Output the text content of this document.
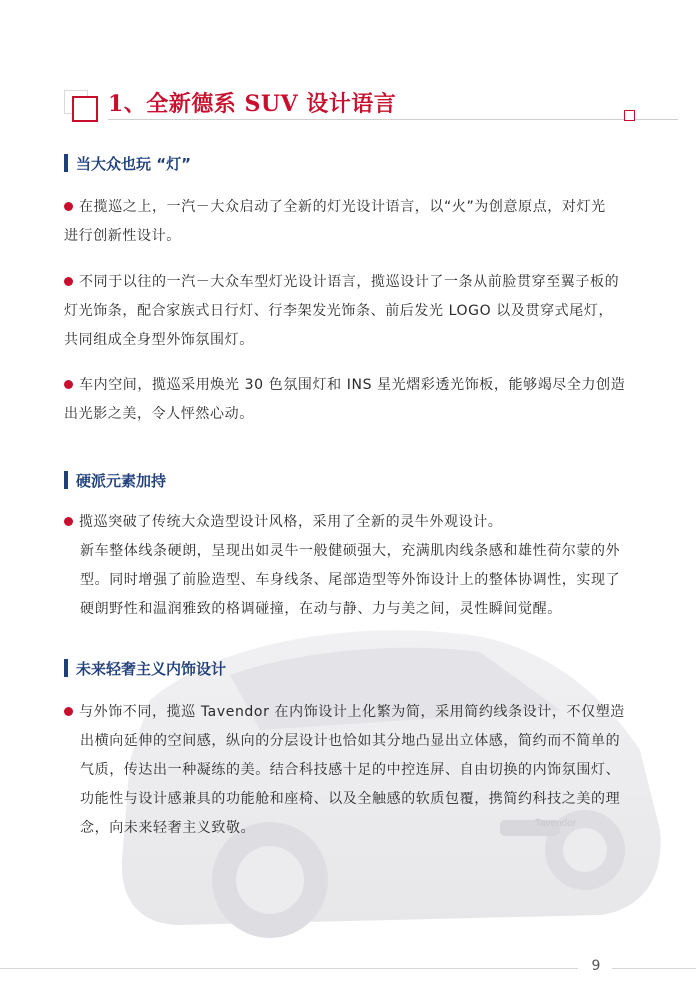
Tavendor
1、全新德系 SUV 设计语言
当大众也玩 “灯”
在揽巡之上，一汽－大众启动了全新的灯光设计语言，以“火”为创意原点，对灯光
进行创新性设计。
不同于以往的一汽－大众车型灯光设计语言，揽巡设计了一条从前脸贯穿至翼子板的
灯光饰条，配合家族式日行灯、行李架发光饰条、前后发光 LOGO 以及贯穿式尾灯，
共同组成全身型外饰氛围灯。
车内空间，揽巡采用焕光 30 色氛围灯和 INS 星光熠彩透光饰板，能够竭尽全力创造
出光影之美，令人怦然心动。
硬派元素加持
揽巡突破了传统大众造型设计风格，采用了全新的灵牛外观设计。
新车整体线条硬朗，呈现出如灵牛一般健硕强大，充满肌肉线条感和雄性荷尔蒙的外
型。同时增强了前脸造型、车身线条、尾部造型等外饰设计上的整体协调性，实现了
硬朗野性和温润雅致的格调碰撞，在动与静、力与美之间，灵性瞬间觉醒。
未来轻奢主义内饰设计
与外饰不同，揽巡 Tavendor 在内饰设计上化繁为简，采用简约线条设计，不仅塑造
出横向延伸的空间感，纵向的分层设计也恰如其分地凸显出立体感，简约而不简单的
气质，传达出一种凝练的美。结合科技感十足的中控连屏、自由切换的内饰氛围灯、
功能性与设计感兼具的功能舱和座椅、以及全触感的软质包覆，携简约科技之美的理
念，向未来轻奢主义致敬。
9
